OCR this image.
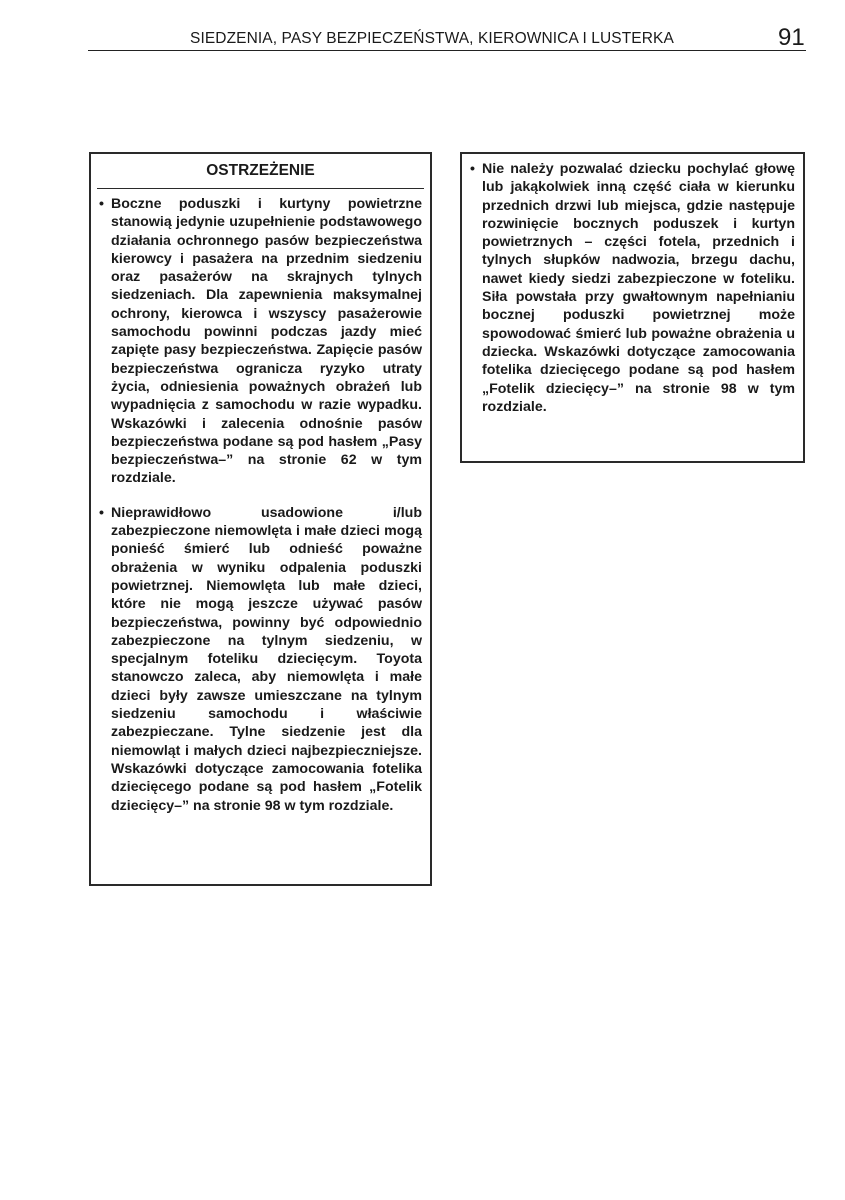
SIEDZENIA, PASY BEZPIECZEŃSTWA, KIEROWNICA I LUSTERKA	91
OSTRZEŻENIE
• Boczne poduszki i kurtyny powietrzne stanowią jedynie uzupełnienie podstawowego działania ochronnego pasów bezpieczeństwa kierowcy i pasażera na przednim siedzeniu oraz pasażerów na skrajnych tylnych siedzeniach. Dla zapewnienia maksymalnej ochrony, kierowca i wszyscy pasażerowie samochodu powinni podczas jazdy mieć zapięte pasy bezpieczeństwa. Zapięcie pasów bezpieczeństwa ogranicza ryzyko utraty życia, odniesienia poważnych obrażeń lub wypadnięcia z samochodu w razie wypadku. Wskazówki i zalecenia odnośnie pasów bezpieczeństwa podane są pod hasłem „Pasy bezpieczeństwa–” na stronie 62 w tym rozdziale.
• Nieprawidłowo usadowione i/lub zabezpieczone niemowlęta i małe dzieci mogą ponieść śmierć lub odnieść poważne obrażenia w wyniku odpalenia poduszki powietrznej. Niemowlęta lub małe dzieci, które nie mogą jeszcze używać pasów bezpieczeństwa, powinny być odpowiednio zabezpieczone na tylnym siedzeniu, w specjalnym foteliku dziecięcym. Toyota stanowczo zaleca, aby niemowlęta i małe dzieci były zawsze umieszczane na tylnym siedzeniu samochodu i właściwie zabezpieczane. Tylne siedzenie jest dla niemowląt i małych dzieci najbezpieczniejsze. Wskazówki dotyczące zamocowania fotelika dziecięcego podane są pod hasłem „Fotelik dziecięcy–” na stronie 98 w tym rozdziale.
• Nie należy pozwalać dziecku pochylać głowę lub jakąkolwiek inną część ciała w kierunku przednich drzwi lub miejsca, gdzie następuje rozwinięcie bocznych poduszek i kurtyn powietrznych – części fotela, przednich i tylnych słupków nadwozia, brzegu dachu, nawet kiedy siedzi zabezpieczone w foteliku. Siła powstała przy gwałtownym napełnianiu bocznej poduszki powietrznej może spowodować śmierć lub poważne obrażenia u dziecka. Wskazówki dotyczące zamocowania fotelika dziecięcego podane są pod hasłem „Fotelik dziecięcy–” na stronie 98 w tym rozdziale.
